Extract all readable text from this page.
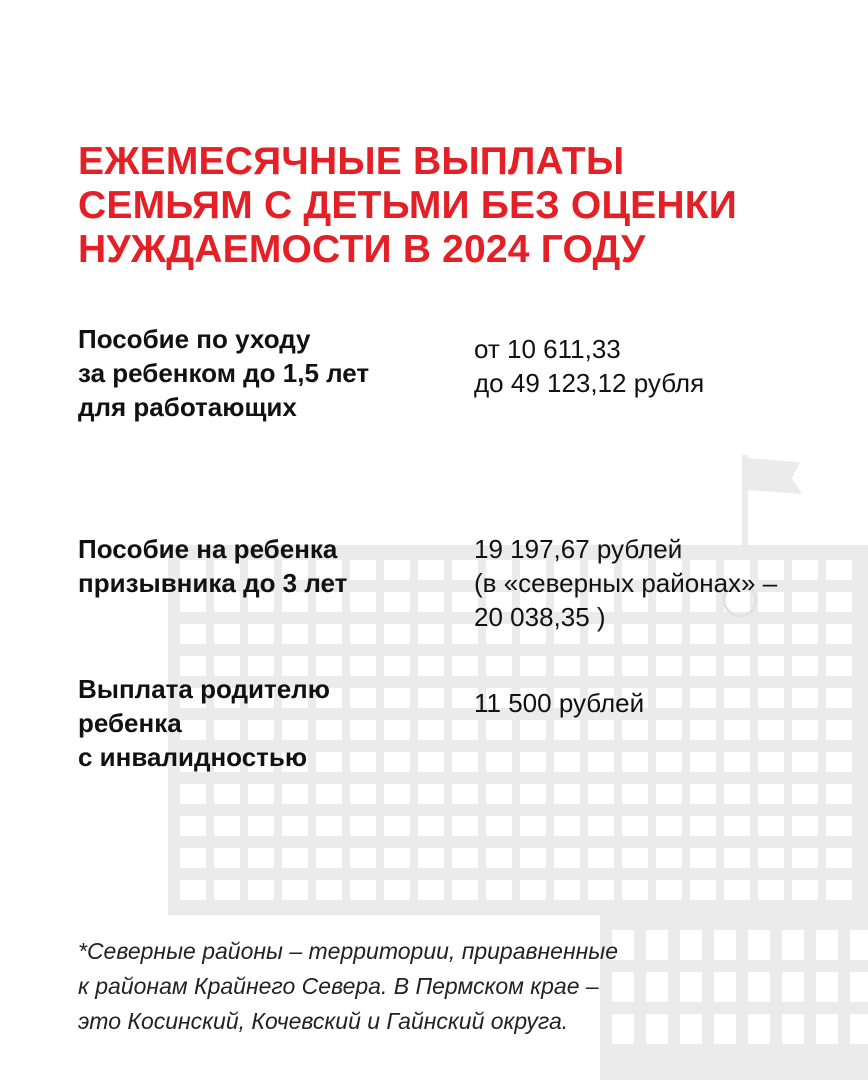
ЕЖЕМЕСЯЧНЫЕ ВЫПЛАТЫ
СЕМЬЯМ С ДЕТЬМИ БЕЗ ОЦЕНКИ
НУЖДАЕМОСТИ В 2024 ГОДУ
Пособие по уходу
за ребенком до 1,5 лет
для работающих
от 10 611,33
до 49 123,12 рубля
Пособие на ребенка
призывника до 3 лет
19 197,67 рублей
(в «северных районах» –
20 038,35 )
Выплата родителю
ребенка
с инвалидностью
11 500 рублей
*Северные районы – территории, приравненные
к районам Крайнего Севера. В Пермском крае –
это Косинский, Кочевский и Гайнский округа.
